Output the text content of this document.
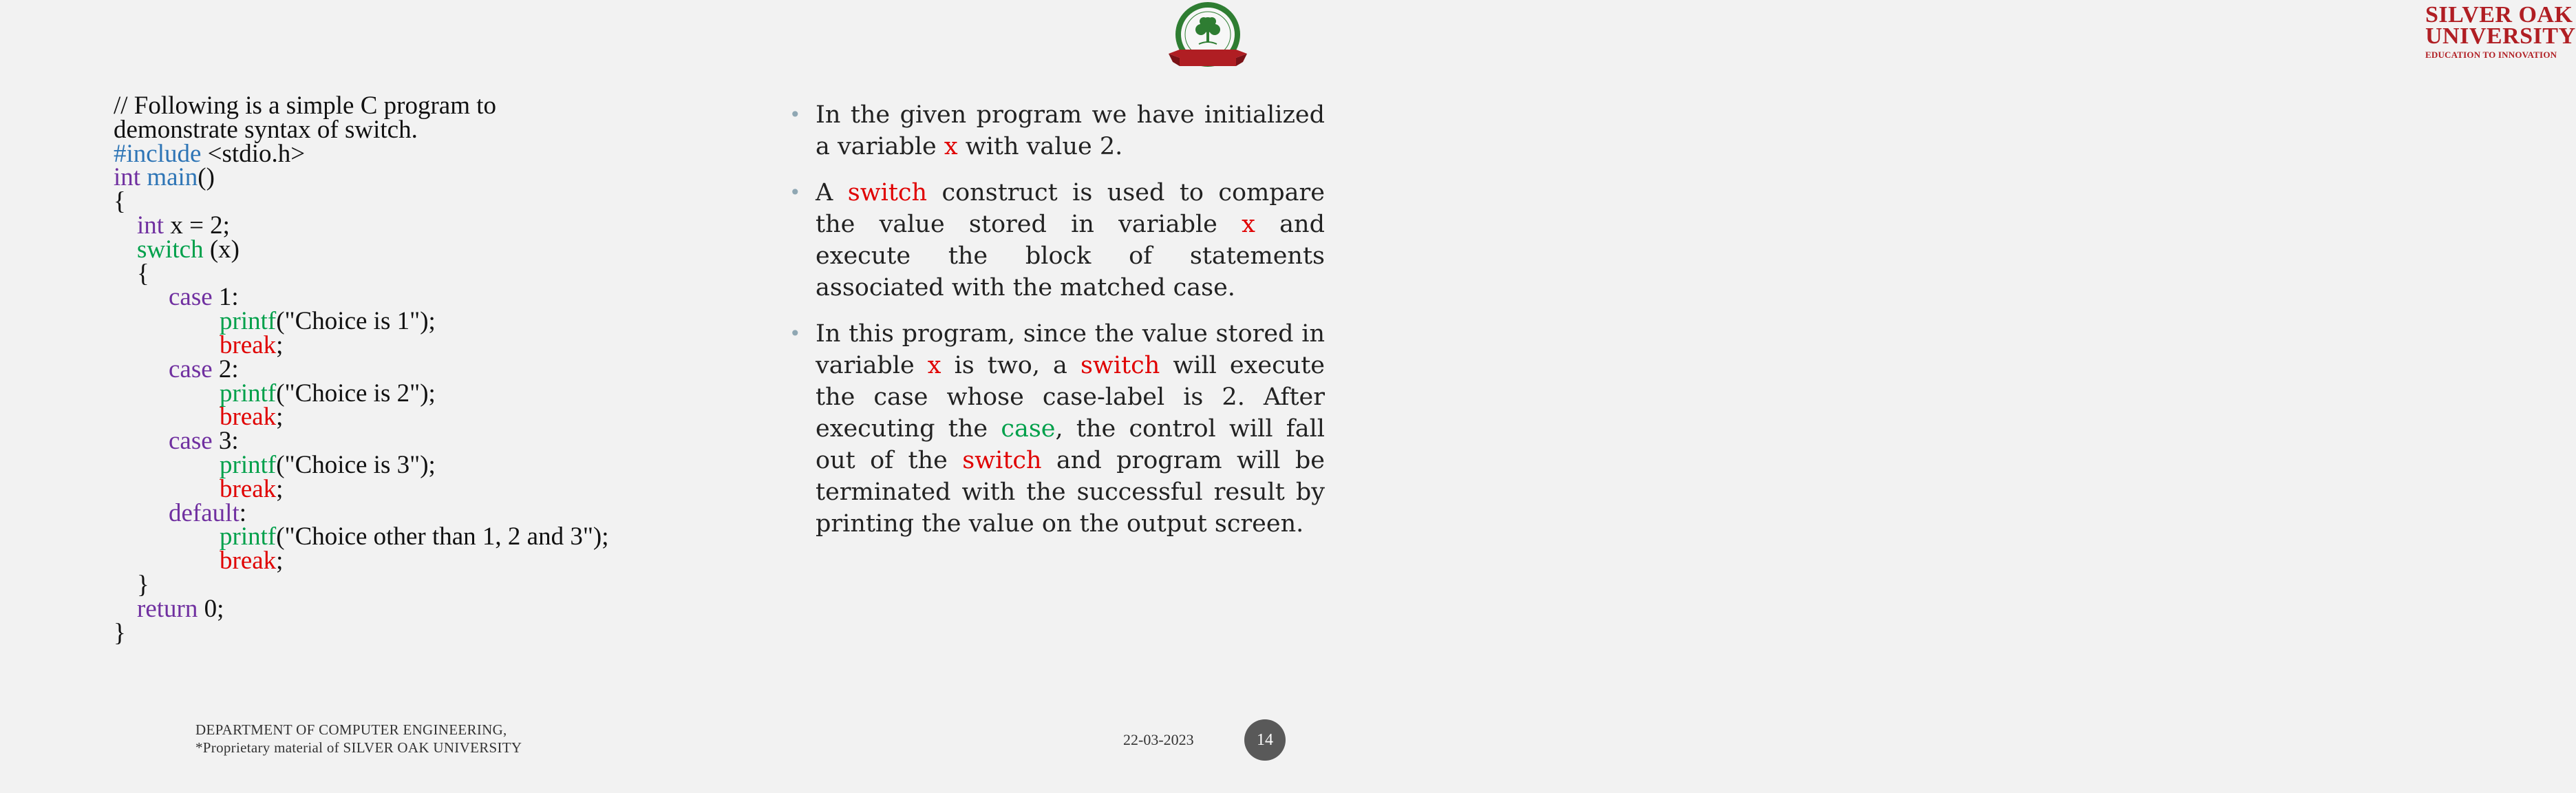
SILVER OAK
UNIVERSITY
EDUCATION TO INNOVATION
// Following is a simple C program to
demonstrate syntax of switch.
#include <stdio.h>
int main()
{
int x = 2;
switch (x)
{
case 1:
printf("Choice is 1");
break;
case 2:
printf("Choice is 2");
break;
case 3:
printf("Choice is 3");
break;
default:
printf("Choice other than 1, 2 and 3");
break;
}
return 0;
}
• In the given program we have initialized a variable x with value 2.
• A switch construct is used to compare the value stored in variable x and execute the block of statements associated with the matched case.
• In this program, since the value stored in variable x is two, a switch will execute the case whose case-label is 2. After executing the case, the control will fall out of the switch and program will be terminated with the successful result by printing the value on the output screen.
DEPARTMENT OF COMPUTER ENGINEERING,
*Proprietary material of SILVER OAK UNIVERSITY	22-03-2023	14
